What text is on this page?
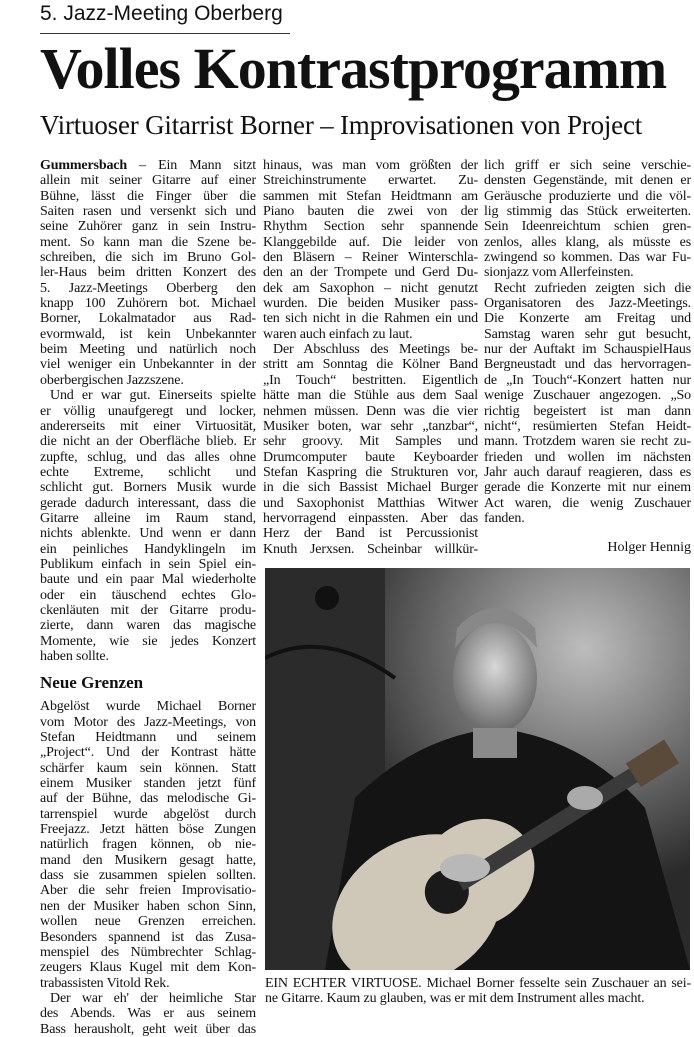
5. Jazz-Meeting Oberberg
Volles Kontrastprogramm
Virtuoser Gitarrist Borner – Improvisationen von Project
Gummersbach – Ein Mann sitzt
allein mit seiner Gitarre auf einer
Bühne, lässt die Finger über die
Saiten rasen und versenkt sich und
seine Zuhörer ganz in sein Instru-
ment. So kann man die Szene be-
schreiben, die sich im Bruno Gol-
ler-Haus beim dritten Konzert des
5. Jazz-Meetings Oberberg den
knapp 100 Zuhörern bot. Michael
Borner, Lokalmatador aus Rad-
evormwald, ist kein Unbekannter
beim Meeting und natürlich noch
viel weniger ein Unbekannter in der
oberbergischen Jazzszene.
Und er war gut. Einerseits spielte
er völlig unaufgeregt und locker,
andererseits mit einer Virtuosität,
die nicht an der Oberfläche blieb. Er
zupfte, schlug, und das alles ohne
echte Extreme, schlicht und
schlicht gut. Borners Musik wurde
gerade dadurch interessant, dass die
Gitarre alleine im Raum stand,
nichts ablenkte. Und wenn er dann
ein peinliches Handyklingeln im
Publikum einfach in sein Spiel ein-
baute und ein paar Mal wiederholte
oder ein täuschend echtes Glo-
ckenläuten mit der Gitarre produ-
zierte, dann waren das magische
Momente, wie sie jedes Konzert
haben sollte.
Neue Grenzen
Abgelöst wurde Michael Borner
vom Motor des Jazz-Meetings, von
Stefan Heidtmann und seinem
„Project“. Und der Kontrast hätte
schärfer kaum sein können. Statt
einem Musiker standen jetzt fünf
auf der Bühne, das melodische Gi-
tarrenspiel wurde abgelöst durch
Freejazz. Jetzt hätten böse Zungen
natürlich fragen können, ob nie-
mand den Musikern gesagt hatte,
dass sie zusammen spielen sollten.
Aber die sehr freien Improvisatio-
nen der Musiker haben schon Sinn,
wollen neue Grenzen erreichen.
Besonders spannend ist das Zusa-
menspiel des Nümbrechter Schlag-
zeugers Klaus Kugel mit dem Kon-
trabassisten Vitold Rek.
Der war eh' der heimliche Star
des Abends. Was er aus seinem
Bass herausholt, geht weit über das
hinaus, was man vom größten der
Streichinstrumente erwartet. Zu-
sammen mit Stefan Heidtmann am
Piano bauten die zwei von der
Rhythm Section sehr spannende
Klanggebilde auf. Die leider von
den Bläsern – Reiner Winterschla-
den an der Trompete und Gerd Du-
dek am Saxophon – nicht genutzt
wurden. Die beiden Musiker pass-
ten sich nicht in die Rahmen ein und
waren auch einfach zu laut.
Der Abschluss des Meetings be-
stritt am Sonntag die Kölner Band
„In Touch“ bestritten. Eigentlich
hätte man die Stühle aus dem Saal
nehmen müssen. Denn was die vier
Musiker boten, war sehr „tanzbar“,
sehr groovy. Mit Samples und
Drumcomputer baute Keyboarder
Stefan Kaspring die Strukturen vor,
in die sich Bassist Michael Burger
und Saxophonist Matthias Witwer
hervorragend einpassten. Aber das
Herz der Band ist Percussionist
Knuth Jerxsen. Scheinbar willkür-
lich griff er sich seine verschie-
densten Gegenstände, mit denen er
Geräusche produzierte und die völ-
lig stimmig das Stück erweiterten.
Sein Ideenreichtum schien gren-
zenlos, alles klang, als müsste es
zwingend so kommen. Das war Fu-
sionjazz vom Allerfeinsten.
Recht zufrieden zeigten sich die
Organisatoren des Jazz-Meetings.
Die Konzerte am Freitag und
Samstag waren sehr gut besucht,
nur der Auftakt im SchauspielHaus
Bergneustadt und das hervorragen-
de „In Touch“-Konzert hatten nur
wenige Zuschauer angezogen. „So
richtig begeistert ist man dann
nicht“, resümierten Stefan Heidt-
mann. Trotzdem waren sie recht zu-
frieden und wollen im nächsten
Jahr auch darauf reagieren, dass es
gerade die Konzerte mit nur einem
Act waren, die wenig Zuschauer
fanden.
Holger Hennig
EIN ECHTER VIRTUOSE. Michael Borner fesselte sein Zuschauer an sei-
ne Gitarre. Kaum zu glauben, was er mit dem Instrument alles macht.
